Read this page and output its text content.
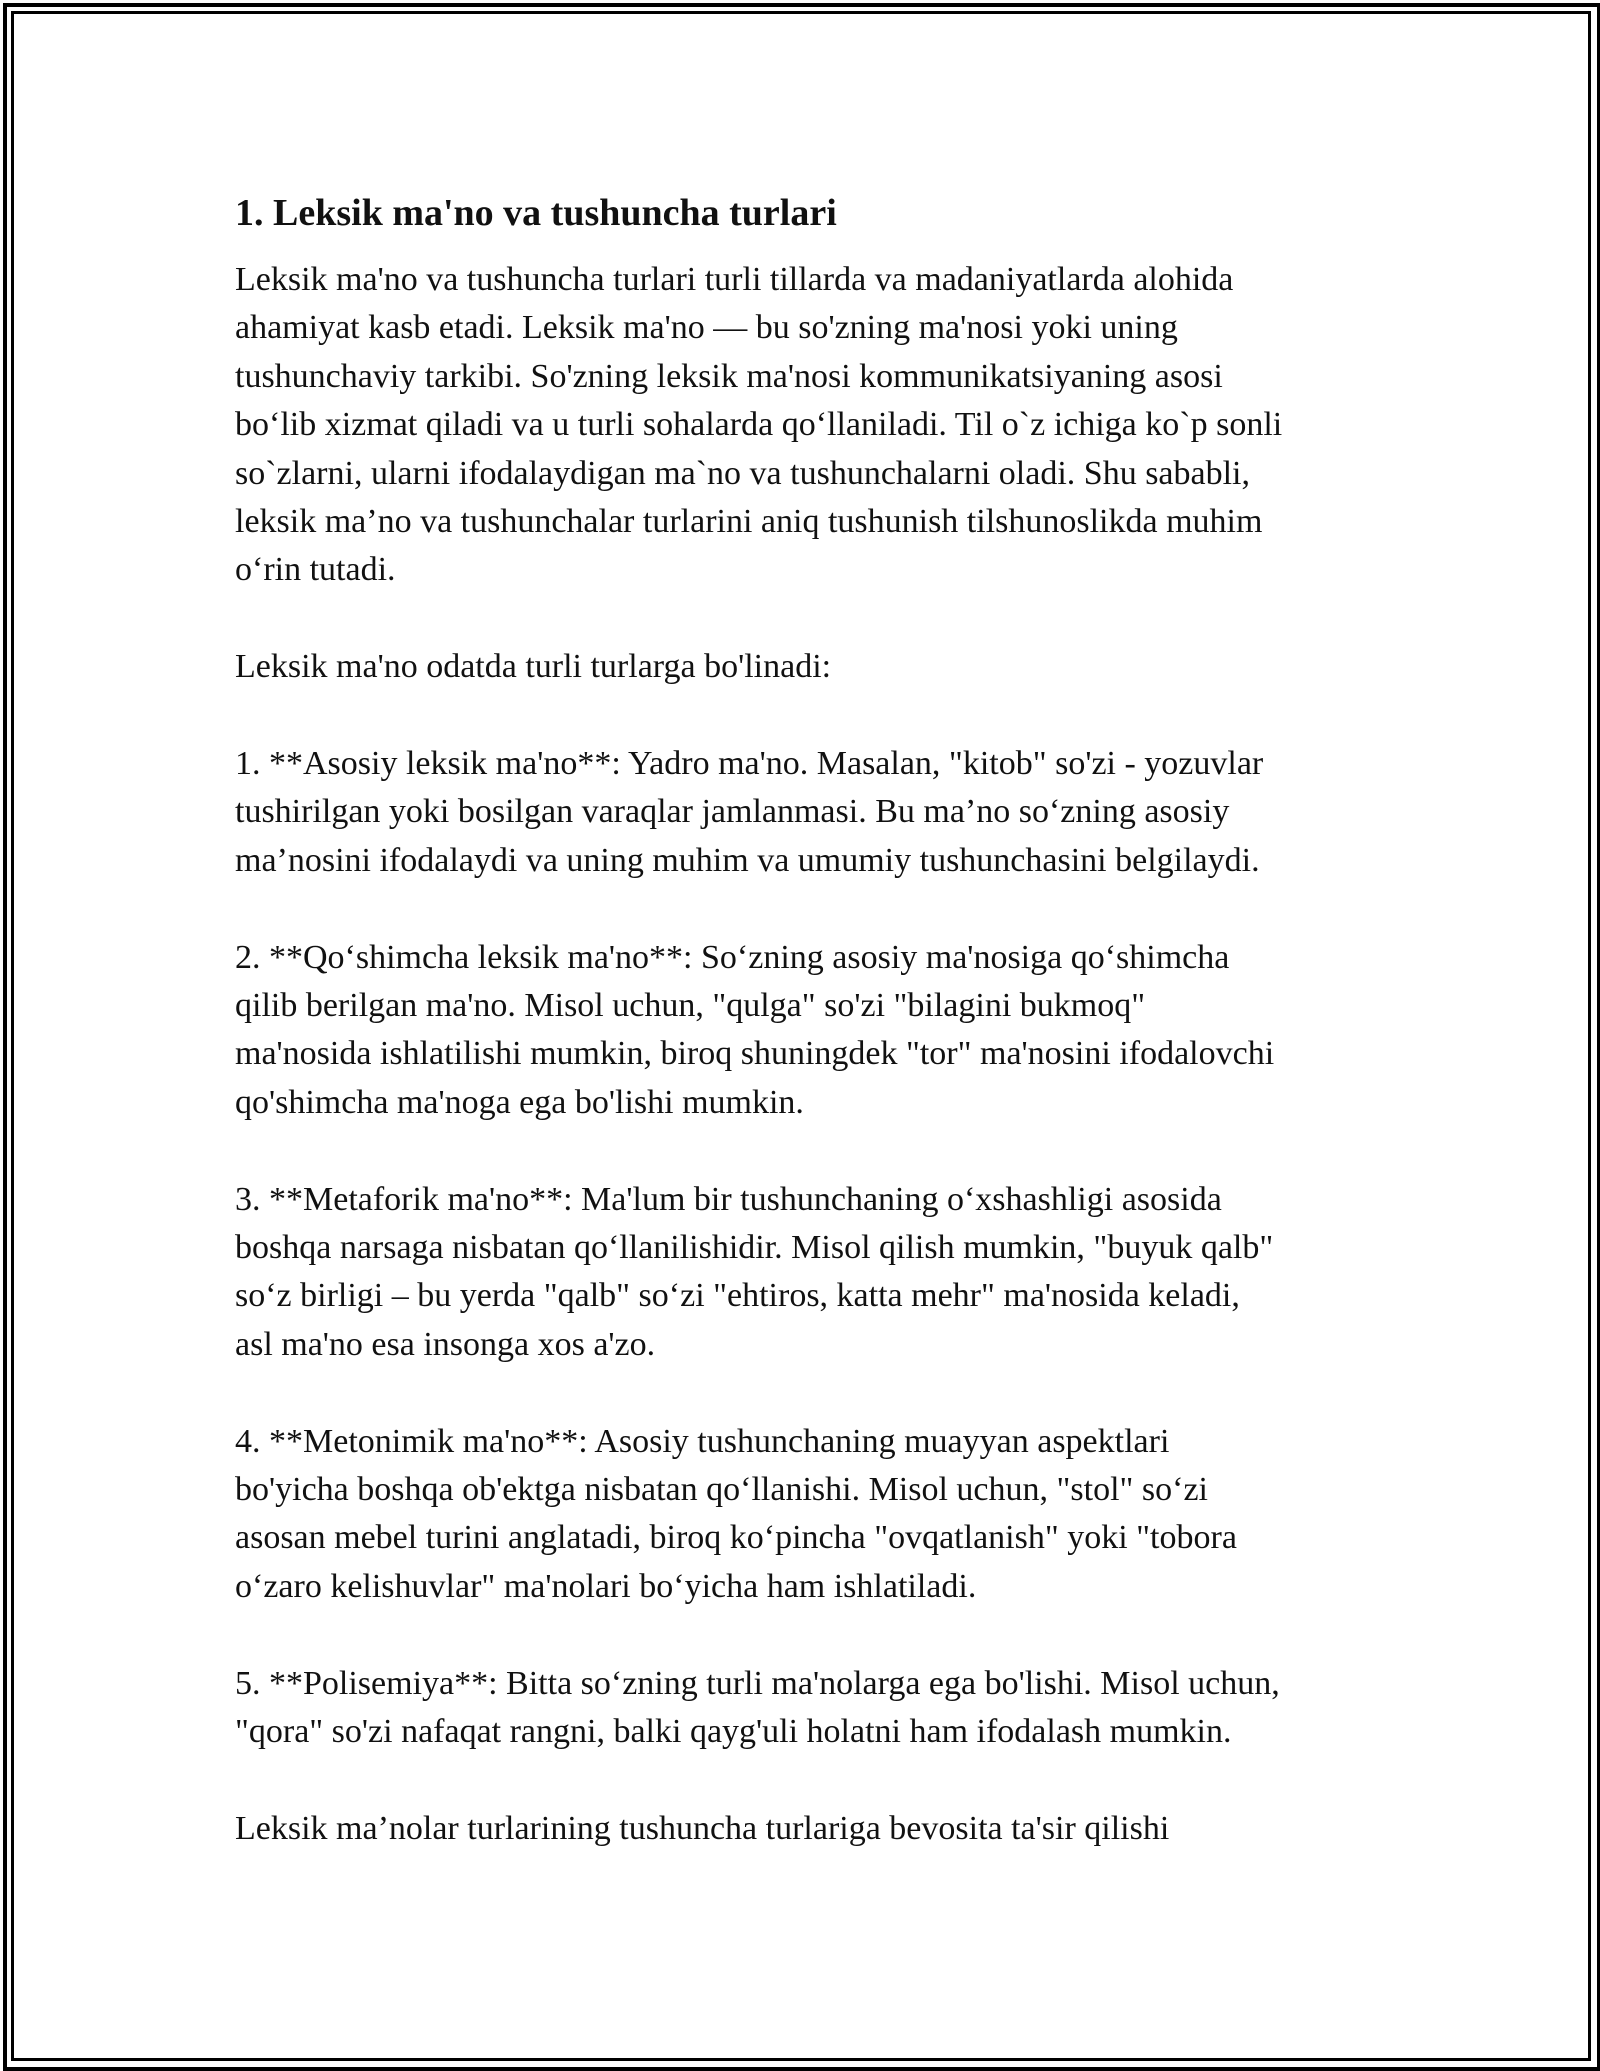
1. Leksik ma'no va tushuncha turlari

Leksik ma'no va tushuncha turlari turli tillarda va madaniyatlarda alohida
ahamiyat kasb etadi. Leksik ma'no — bu so'zning ma'nosi yoki uning
tushunchaviy tarkibi. So'zning leksik ma'nosi kommunikatsiyaning asosi
bo‘lib xizmat qiladi va u turli sohalarda qo‘llaniladi. Til o`z ichiga ko`p sonli
so`zlarni, ularni ifodalaydigan ma`no va tushunchalarni oladi. Shu sababli,
leksik ma’no va tushunchalar turlarini aniq tushunish tilshunoslikda muhim
o‘rin tutadi.

Leksik ma'no odatda turli turlarga bo'linadi:

1. **Asosiy leksik ma'no**: Yadro ma'no. Masalan, "kitob" so'zi - yozuvlar
tushirilgan yoki bosilgan varaqlar jamlanmasi. Bu ma’no so‘zning asosiy
ma’nosini ifodalaydi va uning muhim va umumiy tushunchasini belgilaydi.

2. **Qo‘shimcha leksik ma'no**: So‘zning asosiy ma'nosiga qo‘shimcha
qilib berilgan ma'no. Misol uchun, "qulga" so'zi "bilagini bukmoq"
ma'nosida ishlatilishi mumkin, biroq shuningdek "tor" ma'nosini ifodalovchi
qo'shimcha ma'noga ega bo'lishi mumkin.

3. **Metaforik ma'no**: Ma'lum bir tushunchaning o‘xshashligi asosida
boshqa narsaga nisbatan qo‘llanilishidir. Misol qilish mumkin, "buyuk qalb"
so‘z birligi – bu yerda "qalb" so‘zi "ehtiros, katta mehr" ma'nosida keladi,
asl ma'no esa insonga xos a'zo.

4. **Metonimik ma'no**: Asosiy tushunchaning muayyan aspektlari
bo'yicha boshqa ob'ektga nisbatan qo‘llanishi. Misol uchun, "stol" so‘zi
asosan mebel turini anglatadi, biroq ko‘pincha "ovqatlanish" yoki "tobora
o‘zaro kelishuvlar" ma'nolari bo‘yicha ham ishlatiladi.

5. **Polisemiya**: Bitta so‘zning turli ma'nolarga ega bo'lishi. Misol uchun,
"qora" so'zi nafaqat rangni, balki qayg'uli holatni ham ifodalash mumkin.

Leksik ma’nolar turlarining tushuncha turlariga bevosita ta'sir qilishi
